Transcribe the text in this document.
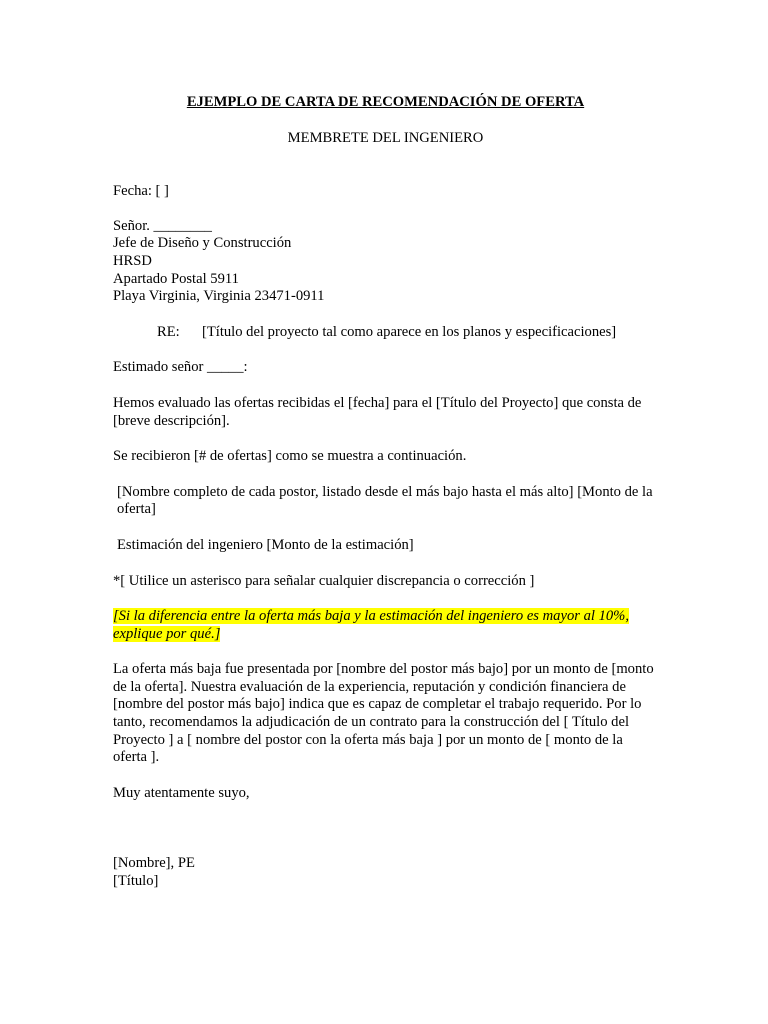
EJEMPLO DE CARTA DE RECOMENDACIÓN DE OFERTA

MEMBRETE DEL INGENIERO

Fecha: [ ]

Señor. ________

Jefe de Diseño y Construcción

HRSD

Apartado Postal 5911

Playa Virginia, Virginia 23471-0911

RE: [Título del proyecto tal como aparece en los planos y especificaciones]

Estimado señor _____:

Hemos evaluado las ofertas recibidas el [fecha] para el [Título del Proyecto] que consta de [breve descripción].

Se recibieron [# de ofertas] como se muestra a continuación.

[Nombre completo de cada postor, listado desde el más bajo hasta el más alto] [Monto de la oferta]

Estimación del ingeniero [Monto de la estimación]

*[ Utilice un asterisco para señalar cualquier discrepancia o corrección ]

[Si la diferencia entre la oferta más baja y la estimación del ingeniero es mayor al 10%, explique por qué.]

La oferta más baja fue presentada por [nombre del postor más bajo] por un monto de [monto de la oferta]. Nuestra evaluación de la experiencia, reputación y condición financiera de [nombre del postor más bajo] indica que es capaz de completar el trabajo requerido. Por lo tanto, recomendamos la adjudicación de un contrato para la construcción del [ Título del Proyecto ] a [ nombre del postor con la oferta más baja ] por un monto de [ monto de la oferta ].

Muy atentamente suyo,

[Nombre], PE

[Título]
